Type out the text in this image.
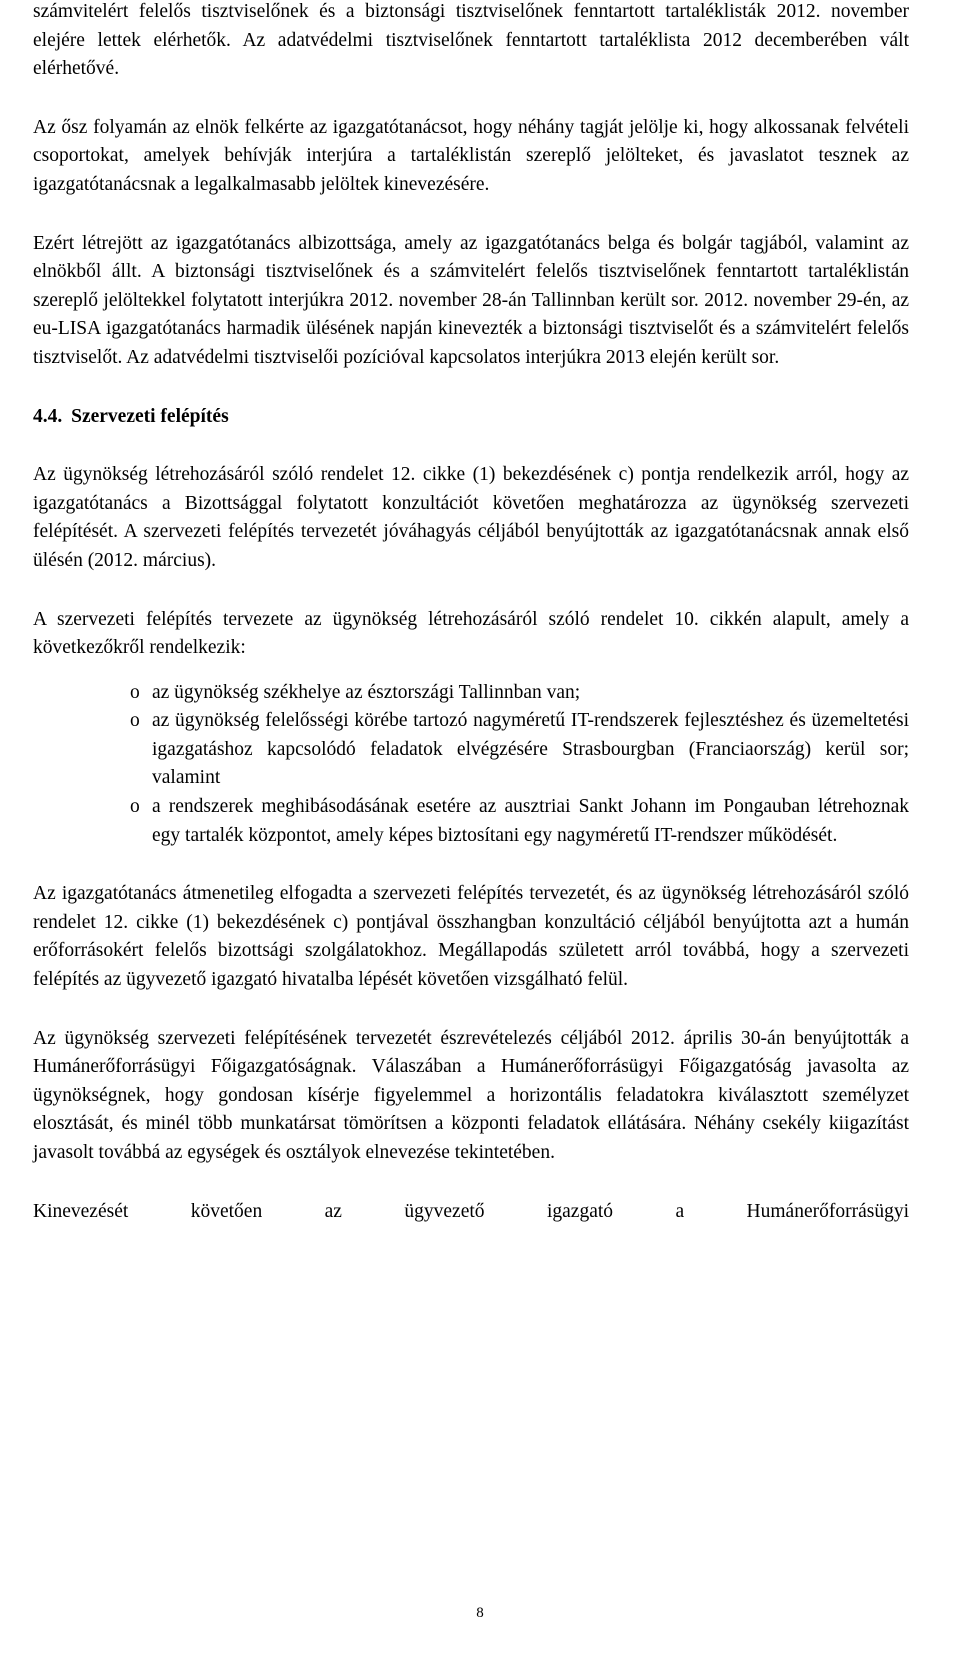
számvitelért felelős tisztviselőnek és a biztonsági tisztviselőnek fenntartott tartaléklisták 2012. november elejére lettek elérhetők. Az adatvédelmi tisztviselőnek fenntartott tartaléklista 2012 decemberében vált elérhetővé.

Az ősz folyamán az elnök felkérte az igazgatótanácsot, hogy néhány tagját jelölje ki, hogy alkossanak felvételi csoportokat, amelyek behívják interjúra a tartaléklistán szereplő jelölteket, és javaslatot tesznek az igazgatótanácsnak a legalkalmasabb jelöltek kinevezésére.

Ezért létrejött az igazgatótanács albizottsága, amely az igazgatótanács belga és bolgár tagjából, valamint az elnökből állt. A biztonsági tisztviselőnek és a számvitelért felelős tisztviselőnek fenntartott tartaléklistán szereplő jelöltekkel folytatott interjúkra 2012. november 28-án Tallinnban került sor. 2012. november 29-én, az eu-LISA igazgatótanács harmadik ülésének napján kinevezték a biztonsági tisztviselőt és a számvitelért felelős tisztviselőt. Az adatvédelmi tisztviselői pozícióval kapcsolatos interjúkra 2013 elején került sor.

4.4. Szervezeti felépítés

Az ügynökség létrehozásáról szóló rendelet 12. cikke (1) bekezdésének c) pontja rendelkezik arról, hogy az igazgatótanács a Bizottsággal folytatott konzultációt követően meghatározza az ügynökség szervezeti felépítését. A szervezeti felépítés tervezetét jóváhagyás céljából benyújtották az igazgatótanácsnak annak első ülésén (2012. március).

A szervezeti felépítés tervezete az ügynökség létrehozásáról szóló rendelet 10. cikkén alapult, amely a következőkről rendelkezik:

o az ügynökség székhelye az észtországi Tallinnban van;
o az ügynökség felelősségi körébe tartozó nagyméretű IT-rendszerek fejlesztéshez és üzemeltetési igazgatáshoz kapcsolódó feladatok elvégzésére Strasbourgban (Franciaország) kerül sor; valamint
o a rendszerek meghibásodásának esetére az ausztriai Sankt Johann im Pongauban létrehoznak egy tartalék központot, amely képes biztosítani egy nagyméretű IT-rendszer működését.

Az igazgatótanács átmenetileg elfogadta a szervezeti felépítés tervezetét, és az ügynökség létrehozásáról szóló rendelet 12. cikke (1) bekezdésének c) pontjával összhangban konzultáció céljából benyújtotta azt a humán erőforrásokért felelős bizottsági szolgálatokhoz. Megállapodás született arról továbbá, hogy a szervezeti felépítés az ügyvezető igazgató hivatalba lépését követően vizsgálható felül.

Az ügynökség szervezeti felépítésének tervezetét észrevételezés céljából 2012. április 30-án benyújtották a Humánerőforrásügyi Főigazgatóságnak. Válaszában a Humánerőforrásügyi Főigazgatóság javasolta az ügynökségnek, hogy gondosan kísérje figyelemmel a horizontális feladatokra kiválasztott személyzet elosztását, és minél több munkatársat tömörítsen a központi feladatok ellátására. Néhány csekély kiigazítást javasolt továbbá az egységek és osztályok elnevezése tekintetében.

Kinevezését követően az ügyvezető igazgató a Humánerőforrásügyi

8
